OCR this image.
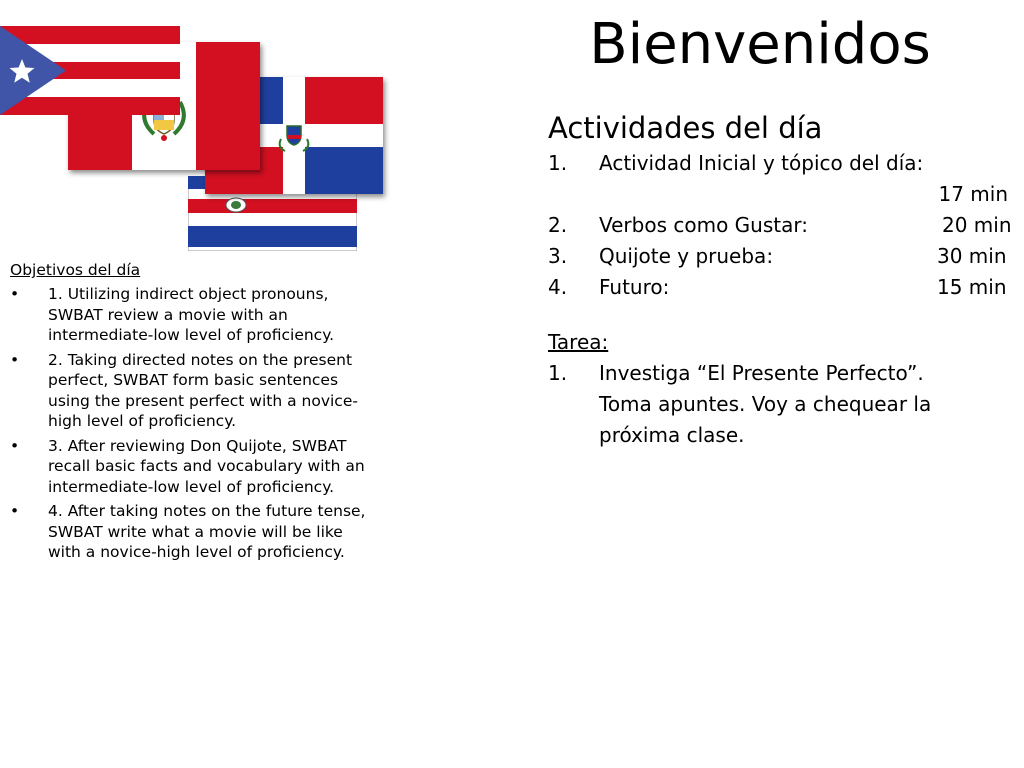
Bienvenidos
Actividades del día
1.	Actividad Inicial y tópico del día:
17 min
2.	Verbos como Gustar:	20 min
3.	Quijote y prueba:	30 min
4.	Futuro:	15 min
Tarea:
1.	Investiga “El Presente Perfecto”. Toma apuntes. Voy a chequear la próxima clase.
Objetivos del día
•	1. Utilizing indirect object pronouns, SWBAT review a movie with an intermediate-low level of proficiency.
•	2. Taking directed notes on the present perfect, SWBAT form basic sentences using the present perfect with a novice-high level of proficiency.
•	3. After reviewing Don Quijote, SWBAT recall basic facts and vocabulary with an intermediate-low level of proficiency.
•	4. After taking notes on the future tense, SWBAT write what a movie will be like with a novice-high level of proficiency.
